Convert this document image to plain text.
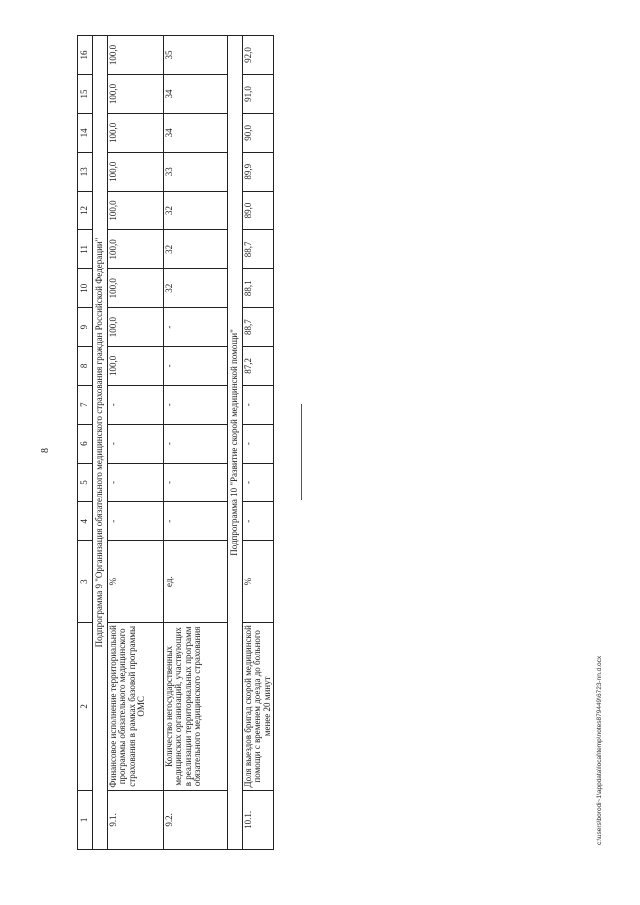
8
1	2	3	4	5	6	7	8	9	10	11	12	13	14	15	16
Подпрограмма 9 "Организация обязательного медицинского страхования граждан Российской Федерации"															
9.1.	Финансовое исполнение территориальной программы обязательного медицинского страхования в рамках базовой программы ОМС	%	-	-	-	-	100,0	100,0	100,0	100,0	100,0	100,0	100,0	100,0	100,0
9.2.	Количество негосударственных медицинских организаций, участвующих в реализации территориальных программ обязательного медицинского страхования	ед.	-	-	-	-	-	-	32	32	32	33	34	34	35
Подпрограмма 10 "Развитие скорой медицинской помощи"															
10.1.	Доля выездов бригад скорой медицинской помощи с временем доезда до больного менее 20 минут	%	-	-	-	-	87,2	88,7	88,1	88,7	89,0	89,9	90,0	91,0	92,0
c:\users\borodi~1\appdata\local\temp\notes879449\6723-nn.d.ocx
